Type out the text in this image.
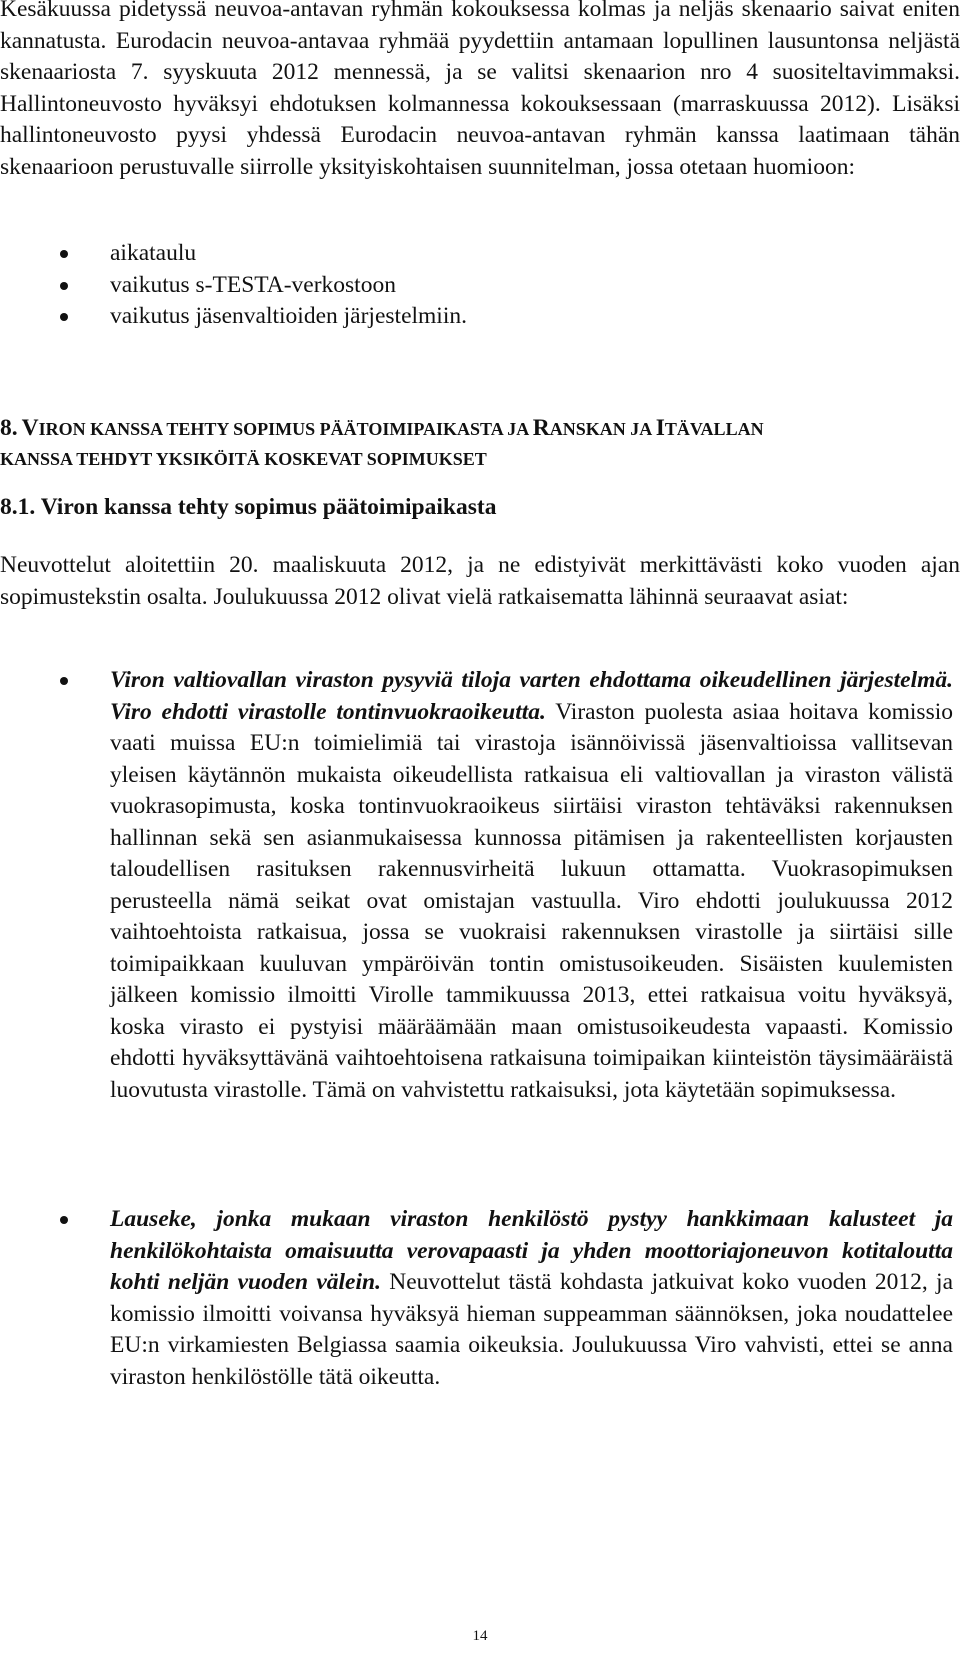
Kesäkuussa pidetyssä neuvoa-antavan ryhmän kokouksessa kolmas ja neljäs skenaario saivat eniten kannatusta. Eurodacin neuvoa-antavaa ryhmää pyydettiin antamaan lopullinen lausuntonsa neljästä skenaariosta 7. syyskuuta 2012 mennessä, ja se valitsi skenaarion nro 4 suositeltavimmaksi. Hallintoneuvosto hyväksyi ehdotuksen kolmannessa kokouksessaan (marraskuussa 2012). Lisäksi hallintoneuvosto pyysi yhdessä Eurodacin neuvoa-antavan ryhmän kanssa laatimaan tähän skenaarioon perustuvalle siirrolle yksityiskohtaisen suunnitelman, jossa otetaan huomioon:

aikataulu
vaikutus s-TESTA-verkostoon
vaikutus jäsenvaltioiden järjestelmiin.
8. VIRON KANSSA TEHTY SOPIMUS PÄÄTOIMIPAIKASTA JA RANSKAN JA ITÄVALLAN
KANSSA TEHDYT YKSIKÖITÄ KOSKEVAT SOPIMUKSET

8.1. Viron kanssa tehty sopimus päätoimipaikasta

Neuvottelut aloitettiin 20. maaliskuuta 2012, ja ne edistyivät merkittävästi koko vuoden ajan sopimustekstin osalta. Joulukuussa 2012 olivat vielä ratkaisematta lähinnä seuraavat asiat:

Viron valtiovallan viraston pysyviä tiloja varten ehdottama oikeudellinen järjestelmä. Viro ehdotti virastolle tontinvuokraoikeutta. Viraston puolesta asiaa hoitava komissio vaati muissa EU:n toimielimiä tai virastoja isännöivissä jäsenvaltioissa vallitsevan yleisen käytännön mukaista oikeudellista ratkaisua eli valtiovallan ja viraston välistä vuokrasopimusta, koska tontinvuokraoikeus siirtäisi viraston tehtäväksi rakennuksen hallinnan sekä sen asianmukaisessa kunnossa pitämisen ja rakenteellisten korjausten taloudellisen rasituksen rakennusvirheitä lukuun ottamatta. Vuokrasopimuksen perusteella nämä seikat ovat omistajan vastuulla. Viro ehdotti joulukuussa 2012 vaihtoehtoista ratkaisua, jossa se vuokraisi rakennuksen virastolle ja siirtäisi sille toimipaikkaan kuuluvan ympäröivän tontin omistusoikeuden. Sisäisten kuulemisten jälkeen komissio ilmoitti Virolle tammikuussa 2013, ettei ratkaisua voitu hyväksyä, koska virasto ei pystyisi määräämään maan omistusoikeudesta vapaasti. Komissio ehdotti hyväksyttävänä vaihtoehtoisena ratkaisuna toimipaikan kiinteistön täysimääräistä luovutusta virastolle. Tämä on vahvistettu ratkaisuksi, jota käytetään sopimuksessa.

Lauseke, jonka mukaan viraston henkilöstö pystyy hankkimaan kalusteet ja henkilökohtaista omaisuutta verovapaasti ja yhden moottoriajoneuvon kotitaloutta kohti neljän vuoden välein. Neuvottelut tästä kohdasta jatkuivat koko vuoden 2012, ja komissio ilmoitti voivansa hyväksyä hieman suppeamman säännöksen, joka noudattelee EU:n virkamiesten Belgiassa saamia oikeuksia. Joulukuussa Viro vahvisti, ettei se anna viraston henkilöstölle tätä oikeutta.

14
